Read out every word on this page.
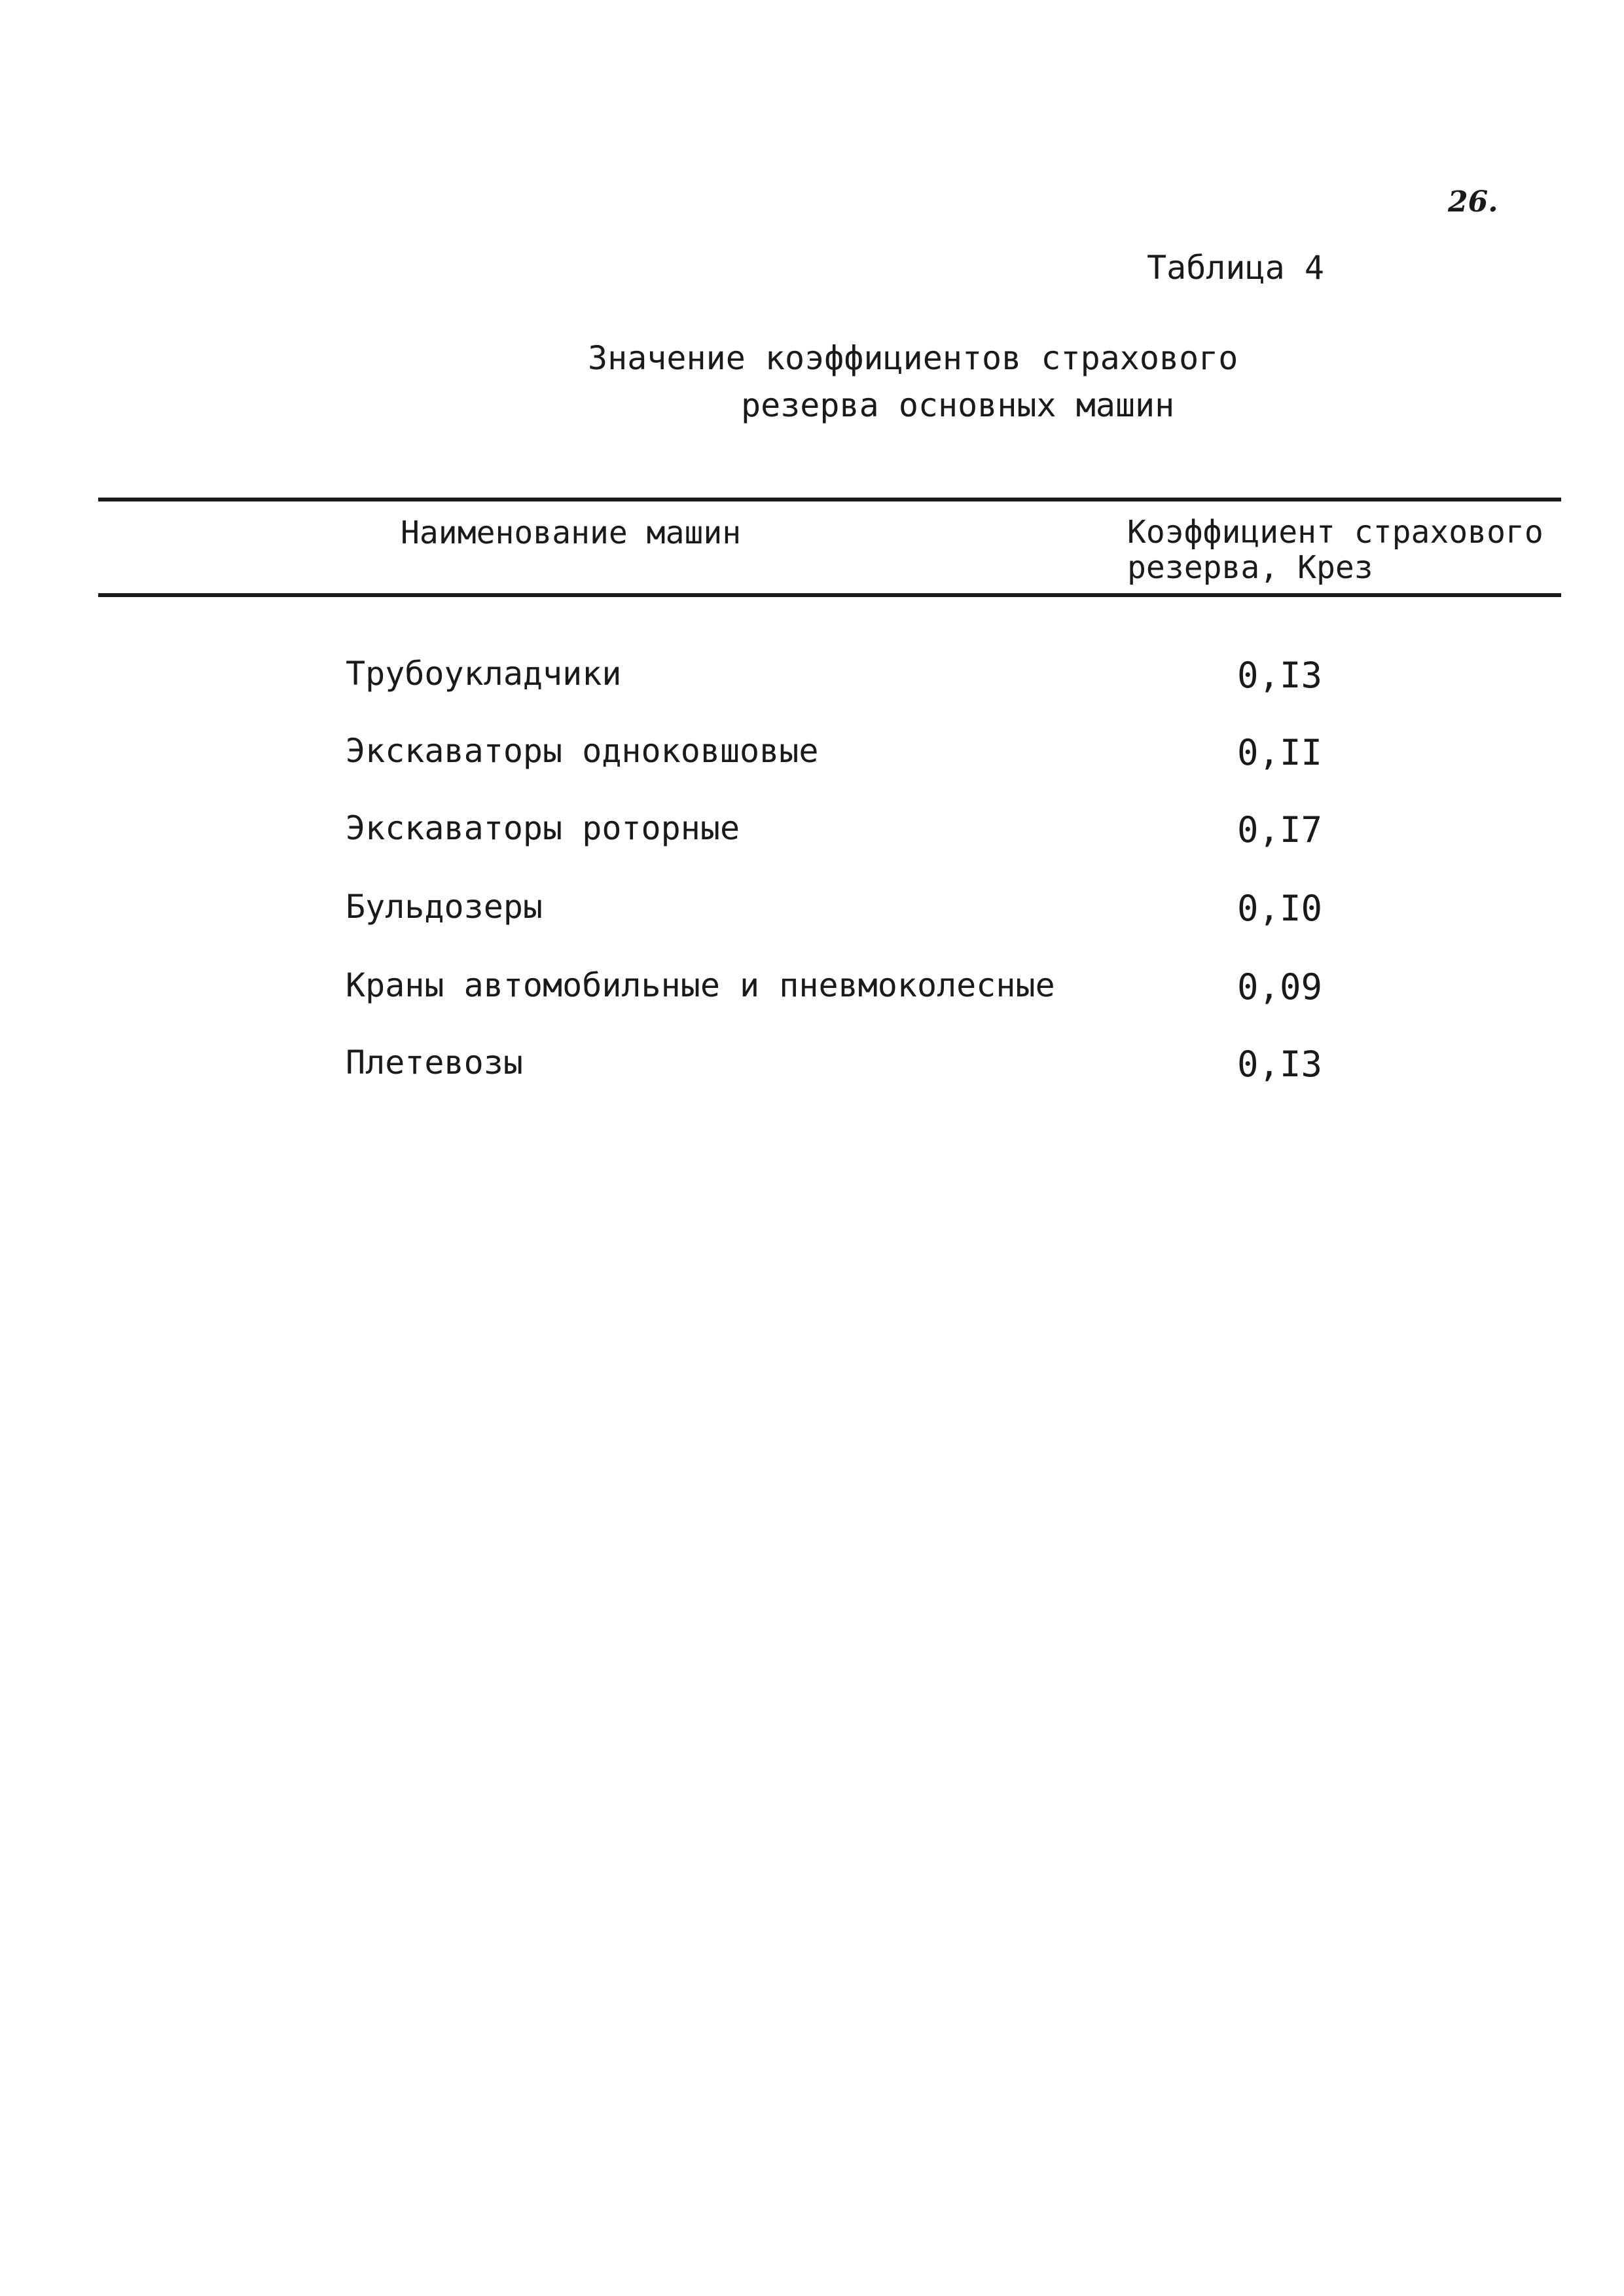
26.
Таблица 4
Значение коэффициентов страхового
резерва основных машин
Наименование машин	Коэффициент страхового
резерва, Крез
Трубоукладчики	0,I3
Экскаваторы одноковшовые	0,II
Экскаваторы роторные	0,I7
Бульдозеры	0,I0
Краны автомобильные и пневмоколесные	0,09
Плетевозы	0,I3
